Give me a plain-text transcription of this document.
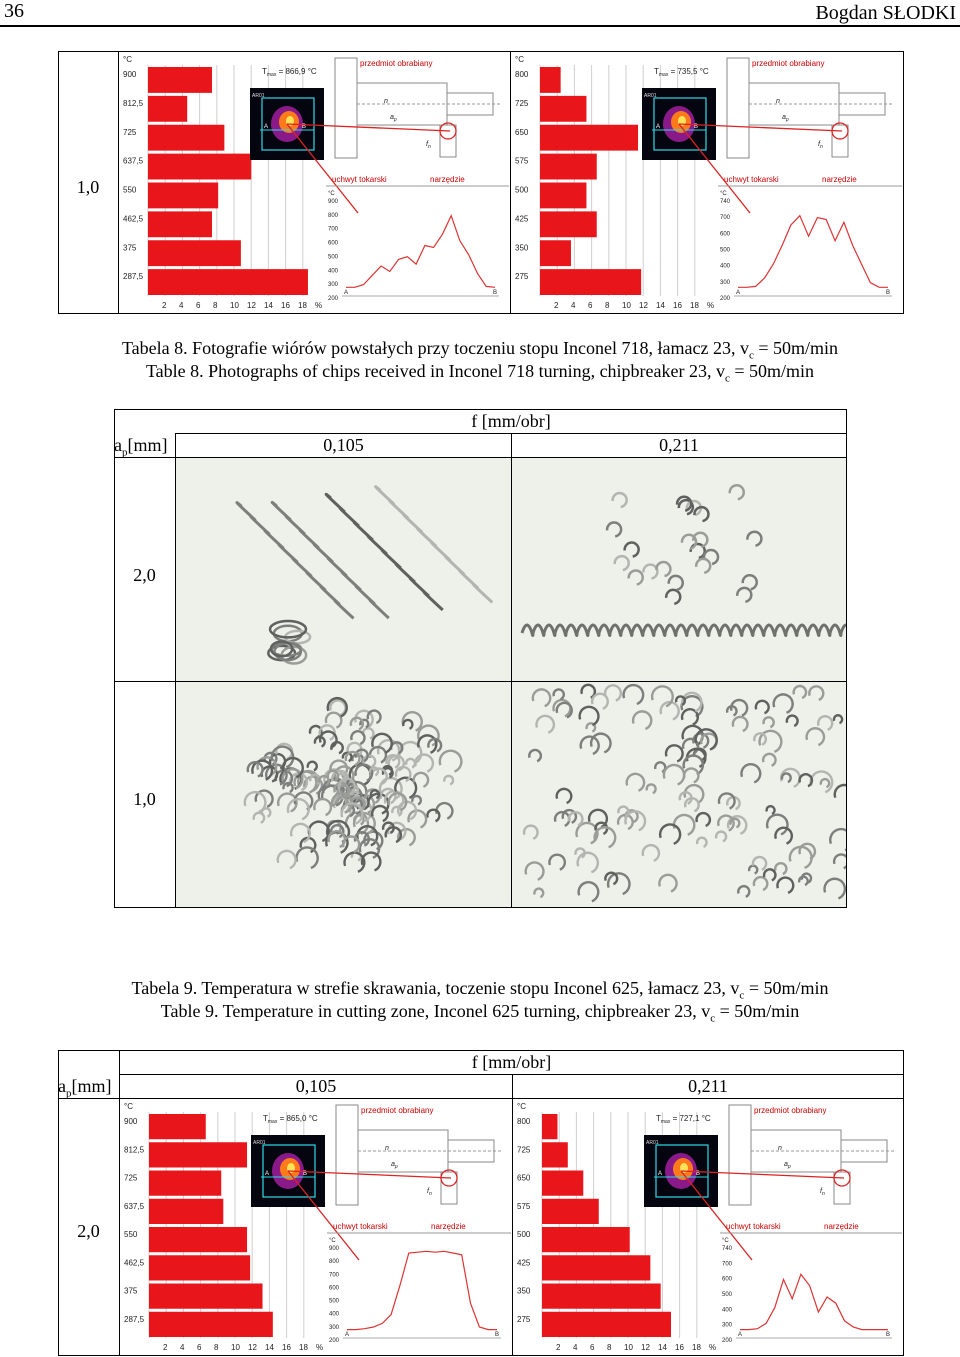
36	Bogdan SŁODKI
1,0
°C
900
812,5
725
637,5
550
462,5
375
287,5
2 4 6 8 10 12 14 16 18 %
AR01
A	B
$T_{max} = 866,9$ °C
przedmiot obrabiany
uchwyt tokarski	narzędzie
n
$a_p$
$f_n$
°C
900
800
700
600
500
400
300
200
A	B
°C
800
725
650
575
500
425
350
275
2 4 6 8 10 12 14 16 18 %
AR01
A	B
$T_{max} = 735,5$ °C
przedmiot obrabiany
uchwyt tokarski	narzędzie
n
$a_p$
$f_n$
°C
740
700
600
500
400
300
200
A	B
Tabela 8. Fotografie wiórów powstałych przy toczeniu stopu Inconel 718, łamacz 23, $v_c = 50m/\min$
Table 8. Photographs of chips received in Inconel 718 turning, chipbreaker 23, $v_c = 50m/\min$
f [mm/obr]
$a_p[mm]$	0,105	0,211
2,0
1,0
Tabela 9. Temperatura w strefie skrawania, toczenie stopu Inconel 625, łamacz 23, $v_c = 50m/\min$
Table 9. Temperature in cutting zone, Inconel 625 turning, chipbreaker 23, $v_c = 50m/\min$
f [mm/obr]
$a_p[mm]$	0,105	0,211
2,0
°C
900
812,5
725
637,5
550
462,5
375
287,5
2 4 6 8 10 12 14 16 18 %
AR01
A	B
$T_{max} = 865,0$ °C
przedmiot obrabiany
uchwyt tokarski	narzędzie
n
$a_p$
$f_n$
°C
900
800
700
600
500
400
300
200
A	B
°C
800
725
650
575
500
425
350
275
2 4 6 8 10 12 14 16 18 %
AR01
A	B
$T_{max} = 727,1$ °C
przedmiot obrabiany
uchwyt tokarski	narzędzie
n
$a_p$
$f_n$
°C
740
700
600
500
400
300
200
A	B
